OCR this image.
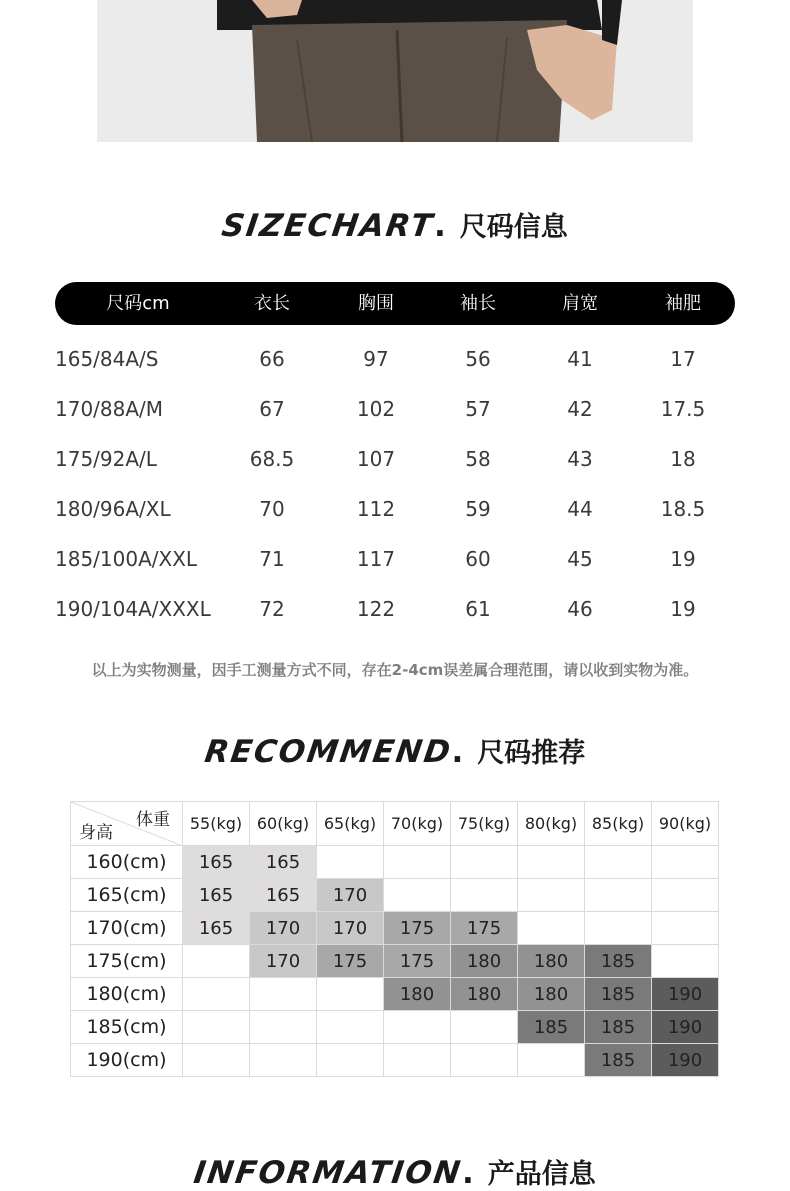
SIZECHART. 尺码信息
尺码cm	衣长	胸围	袖长	肩宽	袖肥
165/84A/S	66	97	56	41	17
170/88A/M	67	102	57	42	17.5
175/92A/L	68.5	107	58	43	18
180/96A/XL	70	112	59	44	18.5
185/100A/XXL	71	117	60	45	19
190/104A/XXXL	72	122	61	46	19
以上为实物测量，因手工测量方式不同，存在2-4cm误差属合理范围，请以收到实物为准。
RECOMMEND. 尺码推荐
体重
身高	55(kg)	60(kg)	65(kg)	70(kg)	75(kg)	80(kg)	85(kg)	90(kg)
160(cm)	165	165						
165(cm)	165	165	170					
170(cm)	165	170	170	175	175			
175(cm)		170	175	175	180	180	185	
180(cm)				180	180	180	185	190
185(cm)						185	185	190
190(cm)							185	190
INFORMATION. 产品信息
